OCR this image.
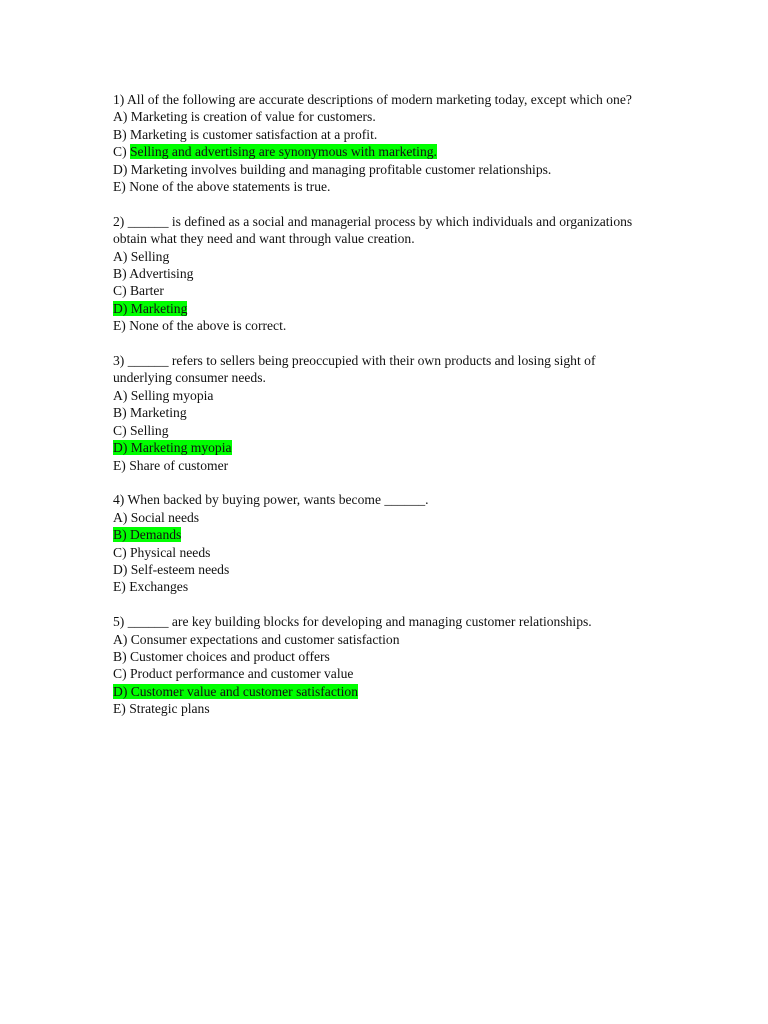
1) All of the following are accurate descriptions of modern marketing today, except which one?
A) Marketing is creation of value for customers.
B) Marketing is customer satisfaction at a profit.
C) Selling and advertising are synonymous with marketing.
D) Marketing involves building and managing profitable customer relationships.
E) None of the above statements is true.
2) ______ is defined as a social and managerial process by which individuals and organizations obtain what they need and want through value creation.
A) Selling
B) Advertising
C) Barter
D) Marketing
E) None of the above is correct.
3) ______ refers to sellers being preoccupied with their own products and losing sight of underlying consumer needs.
A) Selling myopia
B) Marketing
C) Selling
D) Marketing myopia
E) Share of customer
4) When backed by buying power, wants become ______.
A) Social needs
B) Demands
C) Physical needs
D) Self-esteem needs
E) Exchanges
5) ______ are key building blocks for developing and managing customer relationships.
A) Consumer expectations and customer satisfaction
B) Customer choices and product offers
C) Product performance and customer value
D) Customer value and customer satisfaction
E) Strategic plans
